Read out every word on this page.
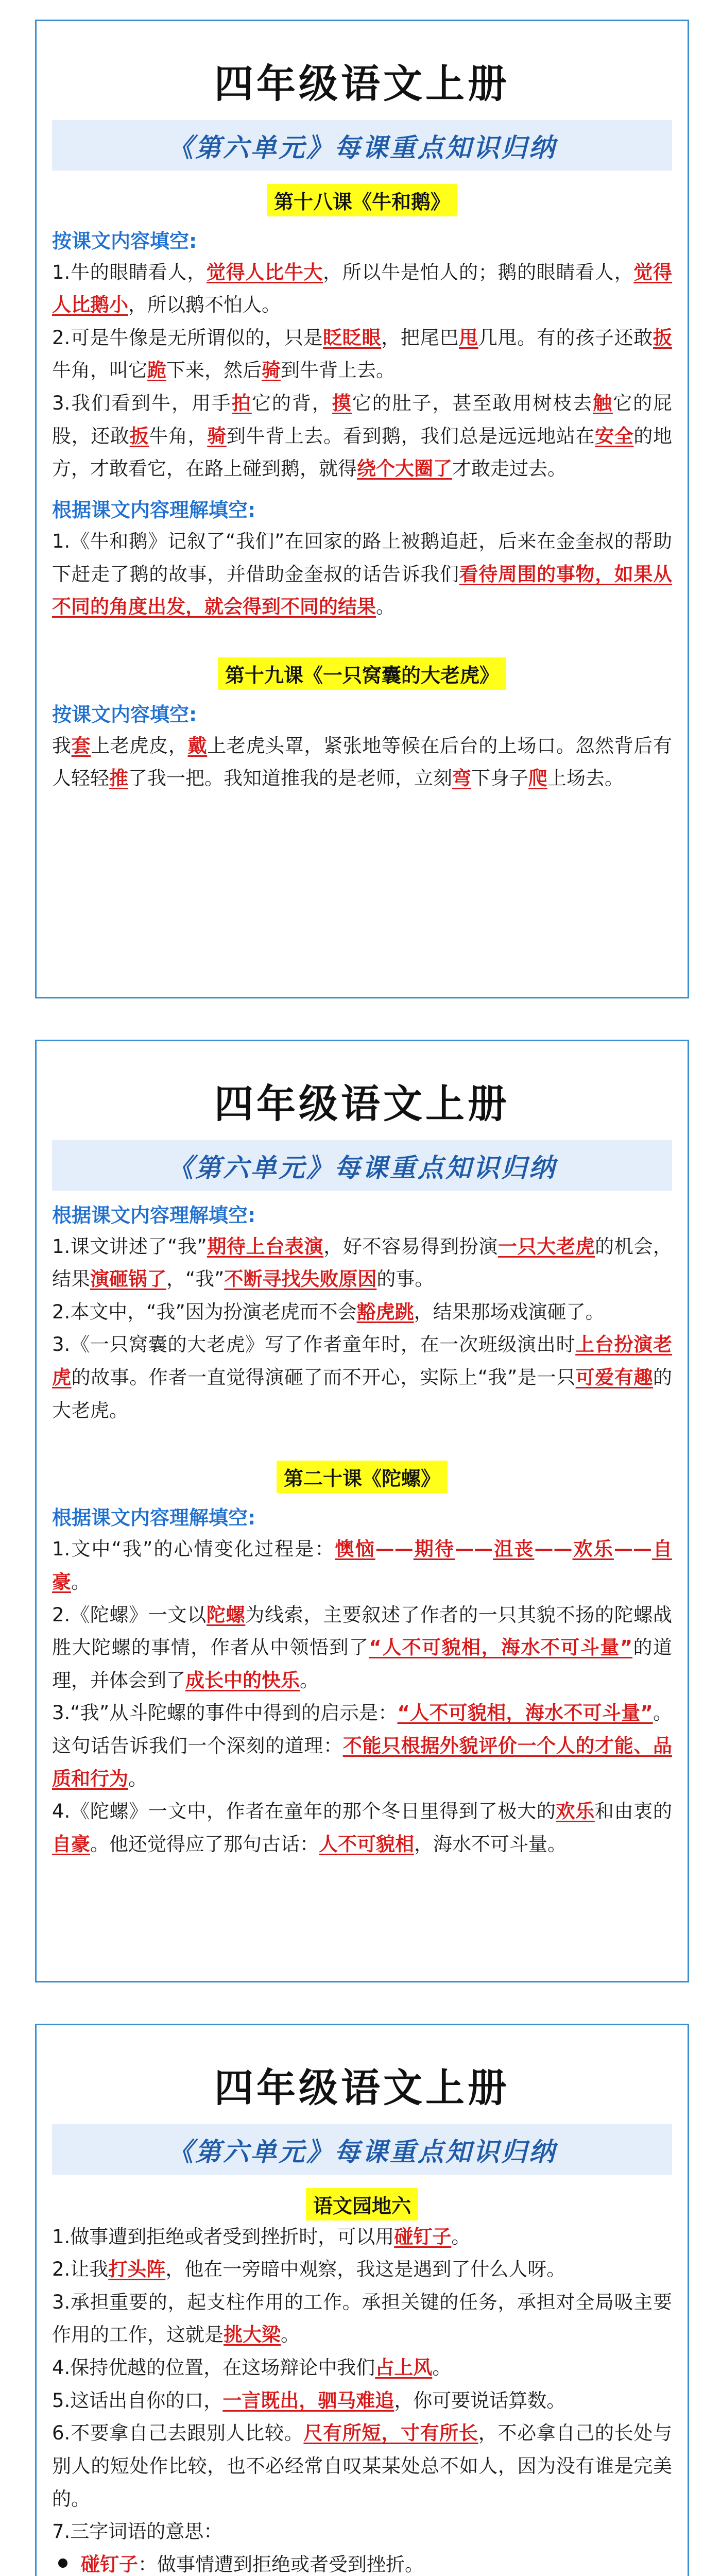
四年级语文上册
《第六单元》每课重点知识归纳
第十八课《牛和鹅》
按课文内容填空:

1.牛的眼睛看人，觉得人比牛大，所以牛是怕人的；鹅的眼睛看人，觉得人比鹅小，所以鹅不怕人。

2.可是牛像是无所谓似的，只是眨眨眼，把尾巴甩几甩。有的孩子还敢扳牛角，叫它跪下来，然后骑到牛背上去。

3.我们看到牛，用手拍它的背，摸它的肚子，甚至敢用树枝去触它的屁股，还敢扳牛角，骑到牛背上去。看到鹅，我们总是远远地站在安全的地方，才敢看它，在路上碰到鹅，就得绕个大圈了才敢走过去。

根据课文内容理解填空:

1.《牛和鹅》记叙了“我们”在回家的路上被鹅追赶，后来在金奎叔的帮助下赶走了鹅的故事，并借助金奎叔的话告诉我们看待周围的事物，如果从不同的角度出发，就会得到不同的结果。

第十九课《一只窝囊的大老虎》
按课文内容填空:

我套上老虎皮，戴上老虎头罩，紧张地等候在后台的上场口。忽然背后有人轻轻推了我一把。我知道推我的是老师，立刻弯下身子爬上场去。

四年级语文上册
《第六单元》每课重点知识归纳
根据课文内容理解填空:

1.课文讲述了“我”期待上台表演，好不容易得到扮演一只大老虎的机会，结果演砸锅了，“我”不断寻找失败原因的事。

2.本文中，“我”因为扮演老虎而不会豁虎跳，结果那场戏演砸了。

3.《一只窝囊的大老虎》写了作者童年时，在一次班级演出时上台扮演老虎的故事。作者一直觉得演砸了而不开心，实际上“我”是一只可爱有趣的大老虎。

第二十课《陀螺》
根据课文内容理解填空:

1.文中“我”的心情变化过程是：懊恼——期待——沮丧——欢乐——自豪。

2.《陀螺》一文以陀螺为线索，主要叙述了作者的一只其貌不扬的陀螺战胜大陀螺的事情，作者从中领悟到了“人不可貌相，海水不可斗量”的道理，并体会到了成长中的快乐。

3.“我”从斗陀螺的事件中得到的启示是：“人不可貌相，海水不可斗量”。这句话告诉我们一个深刻的道理：不能只根据外貌评价一个人的才能、品质和行为。

4.《陀螺》一文中，作者在童年的那个冬日里得到了极大的欢乐和由衷的自豪。他还觉得应了那句古话：人不可貌相，海水不可斗量。

四年级语文上册
《第六单元》每课重点知识归纳
语文园地六

1.做事遭到拒绝或者受到挫折时，可以用碰钉子。

2.让我打头阵，他在一旁暗中观察，我这是遇到了什么人呀。

3.承担重要的，起支柱作用的工作。承担关键的任务，承担对全局吸主要作用的工作，这就是挑大梁。

4.保持优越的位置，在这场辩论中我们占上风。

5.这话出自你的口，一言既出，驷马难追，你可要说话算数。

6.不要拿自己去跟别人比较。尺有所短，寸有所长，不必拿自己的长处与别人的短处作比较，也不必经常自叹某某处总不如人，因为没有谁是完美的。

7.三字词语的意思：

碰钉子：做事情遭到拒绝或者受到挫折。
